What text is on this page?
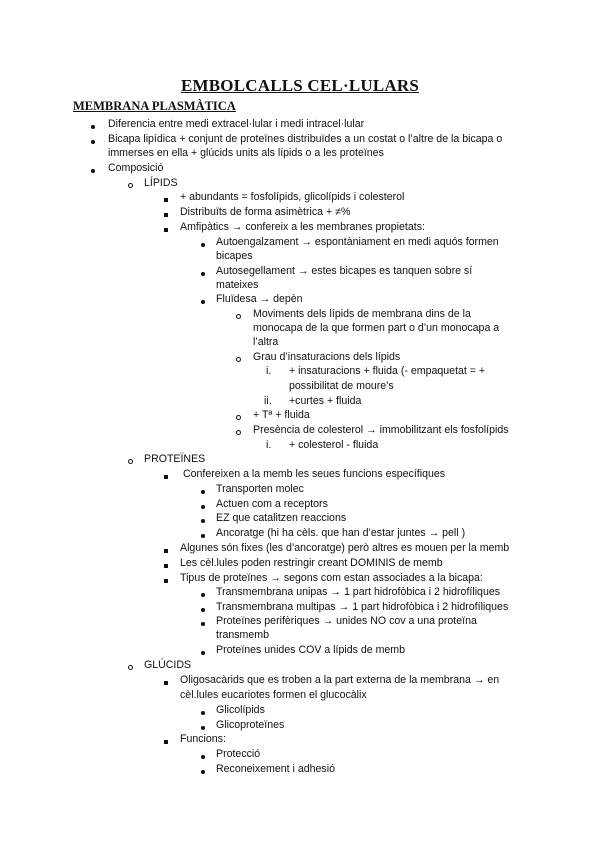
EMBOLCALLS CEL·LULARS
MEMBRANA PLASMÀTICA
Diferencia entre medi extracel·lular i medi intracel·lular
Bicapa lipídica + conjunt de proteïnes distribuïdes a un costat o l’altre de la bicapa o
immerses en ella + glúcids units als lípids o a les proteïnes
Composició
LÍPIDS
+ abundants = fosfolípids, glicolípids i colesterol
Distribuïts de forma asimètrica + ≠%
Amfipàtics → confereix a les membranes propietats:
Autoengalzament → espontàniament en medi aquós formen
bicapes
Autosegellament → estes bicapes es tanquen sobre sí
mateixes
Fluïdesa → depèn
Moviments dels lípids de membrana dins de la
monocapa de la que formen part o d’un monocapa a
l’altra
Grau d’insaturacions dels lípids
i. + insaturacions + fluida (- empaquetat = +
possibilitat de moure’s
ii. +curtes + fluida
+ Tª + fluida
Presència de colesterol → immobilitzant els fosfolípids
i. + colesterol - fluida
PROTEÏNES
Confereixen a la memb les seues funcions específiques
Transporten molec
Actuen com a receptors
EZ que catalitzen reaccions
Ancoratge (hi ha cèls. que han d’estar juntes → pell )
Algunes són fixes (les d’ancoratge) però altres es mouen per la memb
Les cèl.lules poden restringir creant DOMINIS de memb
Tipus de proteïnes → segons com estan associades a la bicapa:
Transmembrana unipas → 1 part hidrofòbica i 2 hidrofíliques
Transmembrana multipas → 1 part hidrofòbica i 2 hidrofíliques
Proteïnes perifèriques → unides NO cov a una proteïna
transmemb
Proteïnes unides COV a lípids de memb
GLÚCIDS
Oligosacàrids que es troben a la part externa de la membrana → en
cèl.lules eucariotes formen el glucocàlix
Glicolípids
Glicoproteïnes
Funcions:
Protecció
Reconeixement i adhesió
